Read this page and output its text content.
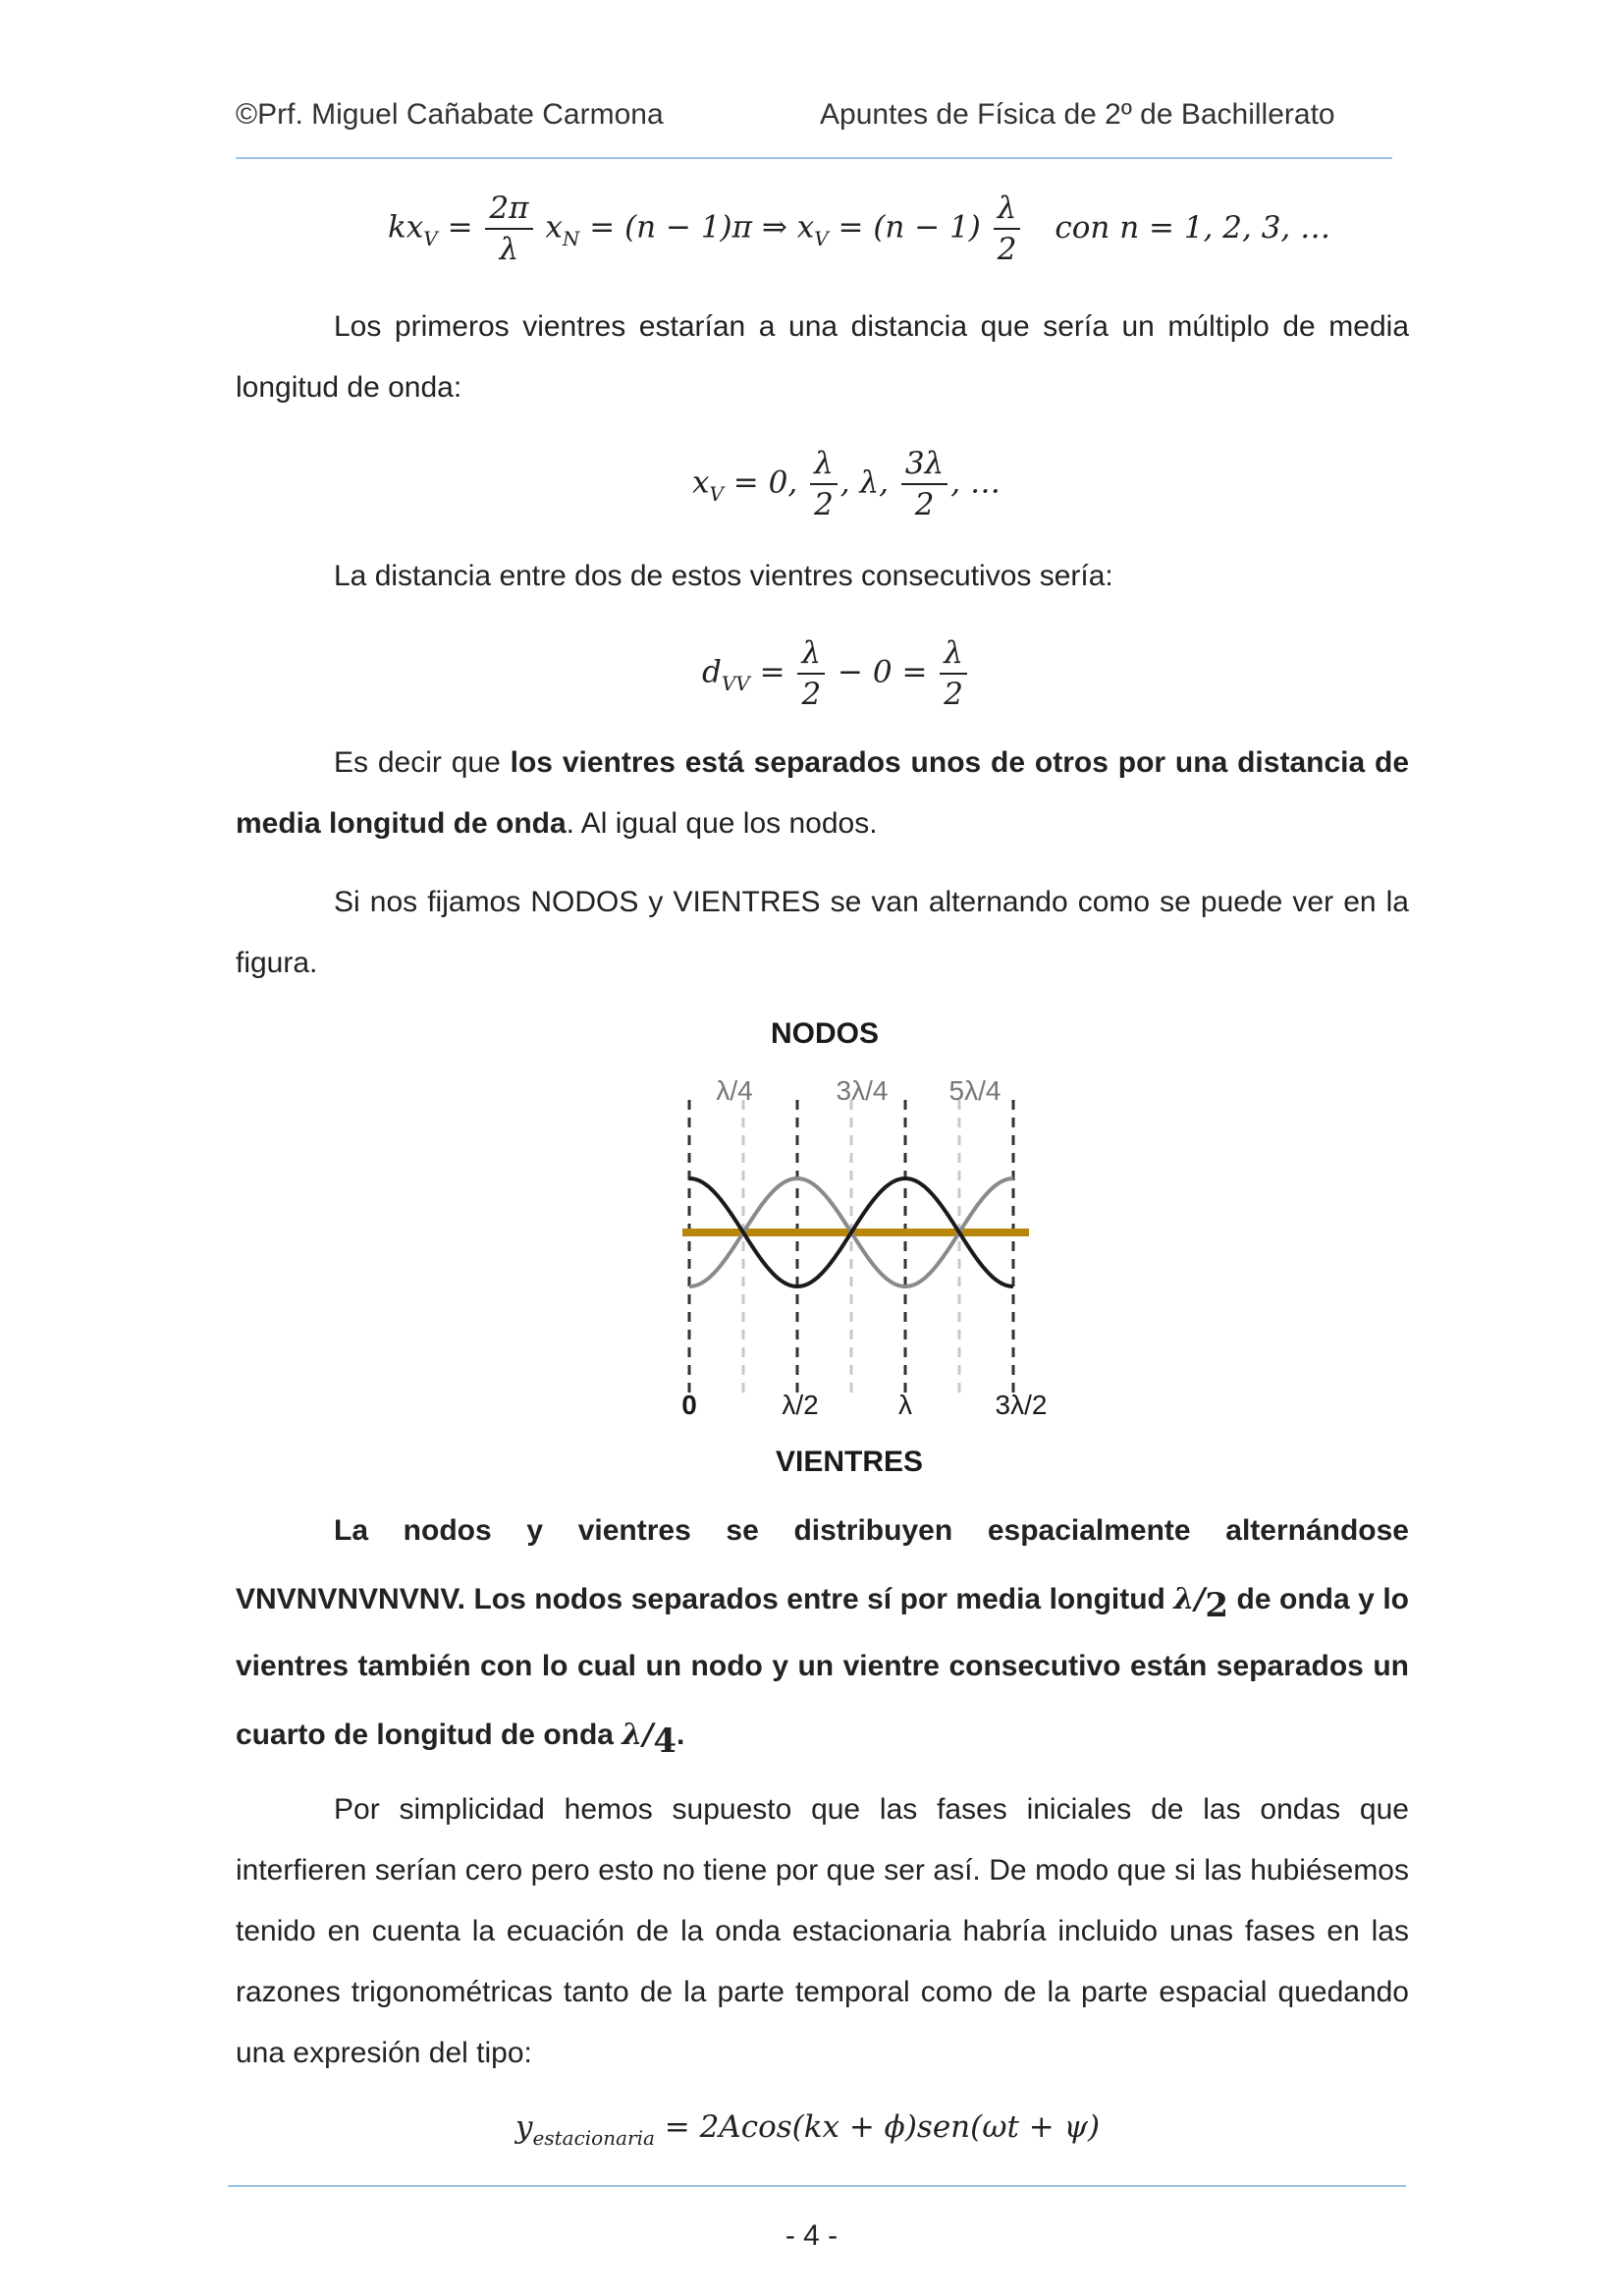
©Prf. Miguel Cañabate Carmona	Apuntes de Física de 2º de Bachillerato
$kx_V = \frac{2\pi}{\lambda} x_N = (n - 1)\pi$ ⇒ $x_V = (n - 1) \frac{\lambda}{2}$ con n = 1, 2, 3, …
Los primeros vientres estarían a una distancia que sería un múltiplo de media longitud de onda:
$x_V = 0$, $\frac{\lambda}{2}$ , λ, $\frac{3\lambda}{2}$ , …
La distancia entre dos de estos vientres consecutivos sería:
$d_{VV} = \frac{\lambda}{2} - 0 = \frac{\lambda}{2}$
Es decir que los vientres está separados unos de otros por una distancia de media longitud de onda. Al igual que los nodos.
Si nos fijamos NODOS y VIENTRES se van alternando como se puede ver en la figura.
NODOS
VIENTRES
λ/4	3λ/4 5λ/4
0	λ/2	λ	3λ/2
La nodos y vientres se distribuyen espacialmente alternándose VNVNVNVNVNV. Los nodos separados entre sí por media longitud λ/2 de onda y lo vientres también con lo cual un nodo y un vientre consecutivo están separados un cuarto de longitud de onda λ/4.
Por simplicidad hemos supuesto que las fases iniciales de las ondas que interfieren serían cero pero esto no tiene por que ser así. De modo que si las hubiésemos tenido en cuenta la ecuación de la onda estacionaria habría incluido unas fases en las razones trigonométricas tanto de la parte temporal como de la parte espacial quedando una expresión del tipo:
$y_{estacionaria} = 2Acos(kx + \phi)sen(\omega t + \psi)$
- 4 -
